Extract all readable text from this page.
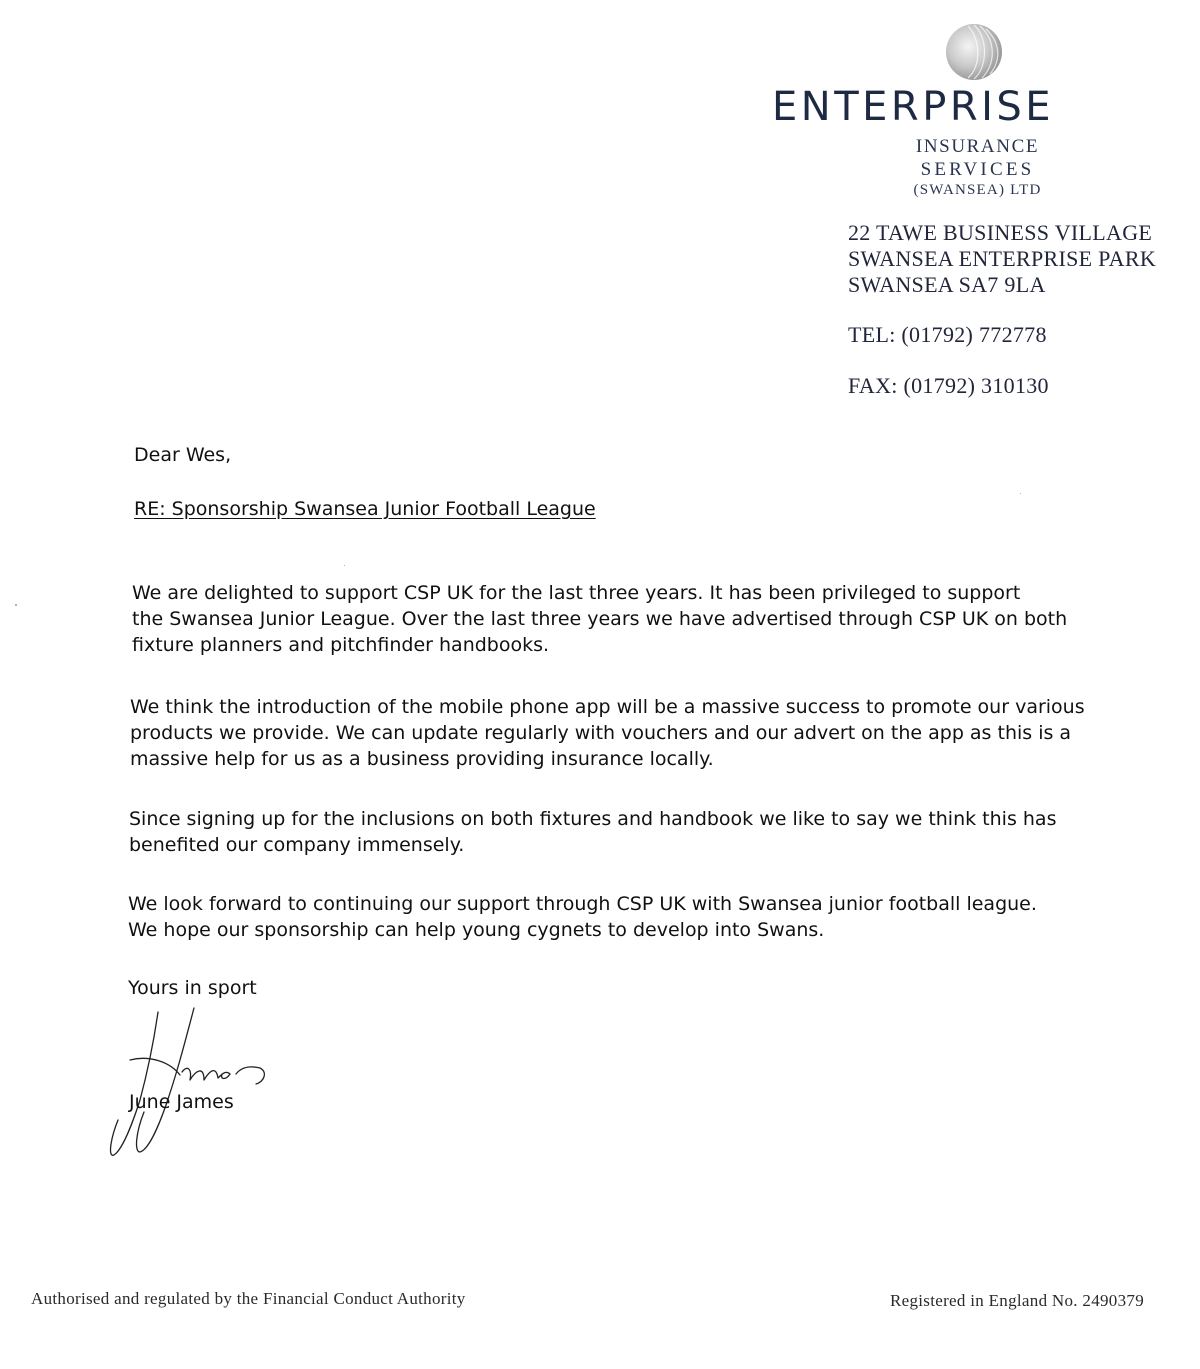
ENTERPRISE
INSURANCE
SERVICES
(SWANSEA) LTD
22 TAWE BUSINESS VILLAGE
SWANSEA ENTERPRISE PARK
SWANSEA SA7 9LA
TEL: (01792) 772778
FAX: (01792) 310130
Dear Wes,
RE: Sponsorship Swansea Junior Football League
We are delighted to support CSP UK for the last three years. It has been privileged to support
the Swansea Junior League. Over the last three years we have advertised through CSP UK on both
fixture planners and pitchfinder handbooks.
We think the introduction of the mobile phone app will be a massive success to promote our various
products we provide. We can update regularly with vouchers and our advert on the app as this is a
massive help for us as a business providing insurance locally.
Since signing up for the inclusions on both fixtures and handbook we like to say we think this has
benefited our company immensely.
We look forward to continuing our support through CSP UK with Swansea junior football league.
We hope our sponsorship can help young cygnets to develop into Swans.
Yours in sport
June James
Authorised and regulated by the Financial Conduct Authority	Registered in England No. 2490379
